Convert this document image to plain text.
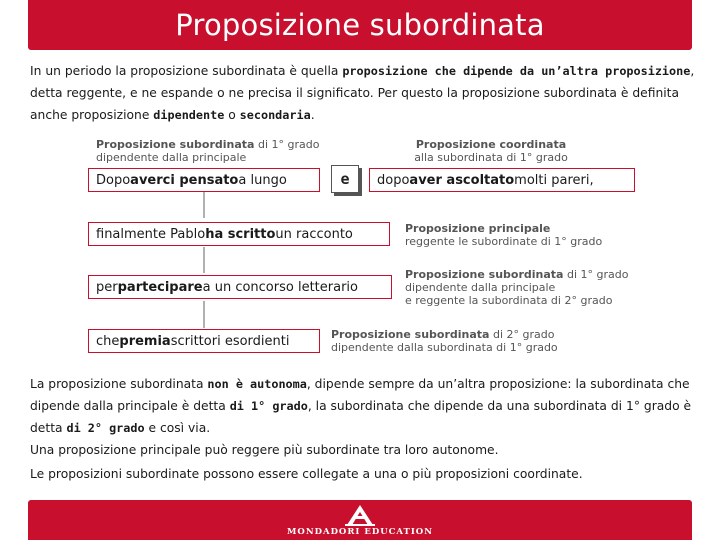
Proposizione subordinata
In un periodo la proposizione subordinata è quella proposizione che dipende da un’altra proposizione, detta reggente, e ne espande o ne precisa il significato. Per questo la proposizione subordinata è definita anche proposizione dipendente o secondaria.
Proposizione subordinata di 1° grado
dipendente dalla principale
Proposizione coordinata
alla subordinata di 1° grado
Dopo averci pensato a lungo	e dopo aver ascoltato molti pareri,
finalmente Pablo ha scritto un racconto	Proposizione principale
reggente le subordinate di 1° grado
per partecipare a un concorso letterario
Proposizione subordinata di 1° grado
dipendente dalla principale
e reggente la subordinata di 2° grado
che premia scrittori esordienti	Proposizione subordinata di 2° grado
dipendente dalla subordinata di 1° grado
La proposizione subordinata non è autonoma, dipende sempre da un’altra proposizione: la subordinata che dipende dalla principale è detta di 1° grado, la subordinata che dipende da una subordinata di 1° grado è detta di 2° grado e così via.
Una proposizione principale può reggere più subordinate tra loro autonome.
Le proposizioni subordinate possono essere collegate a una o più proposizioni coordinate.
MONDADORI EDUCATION
